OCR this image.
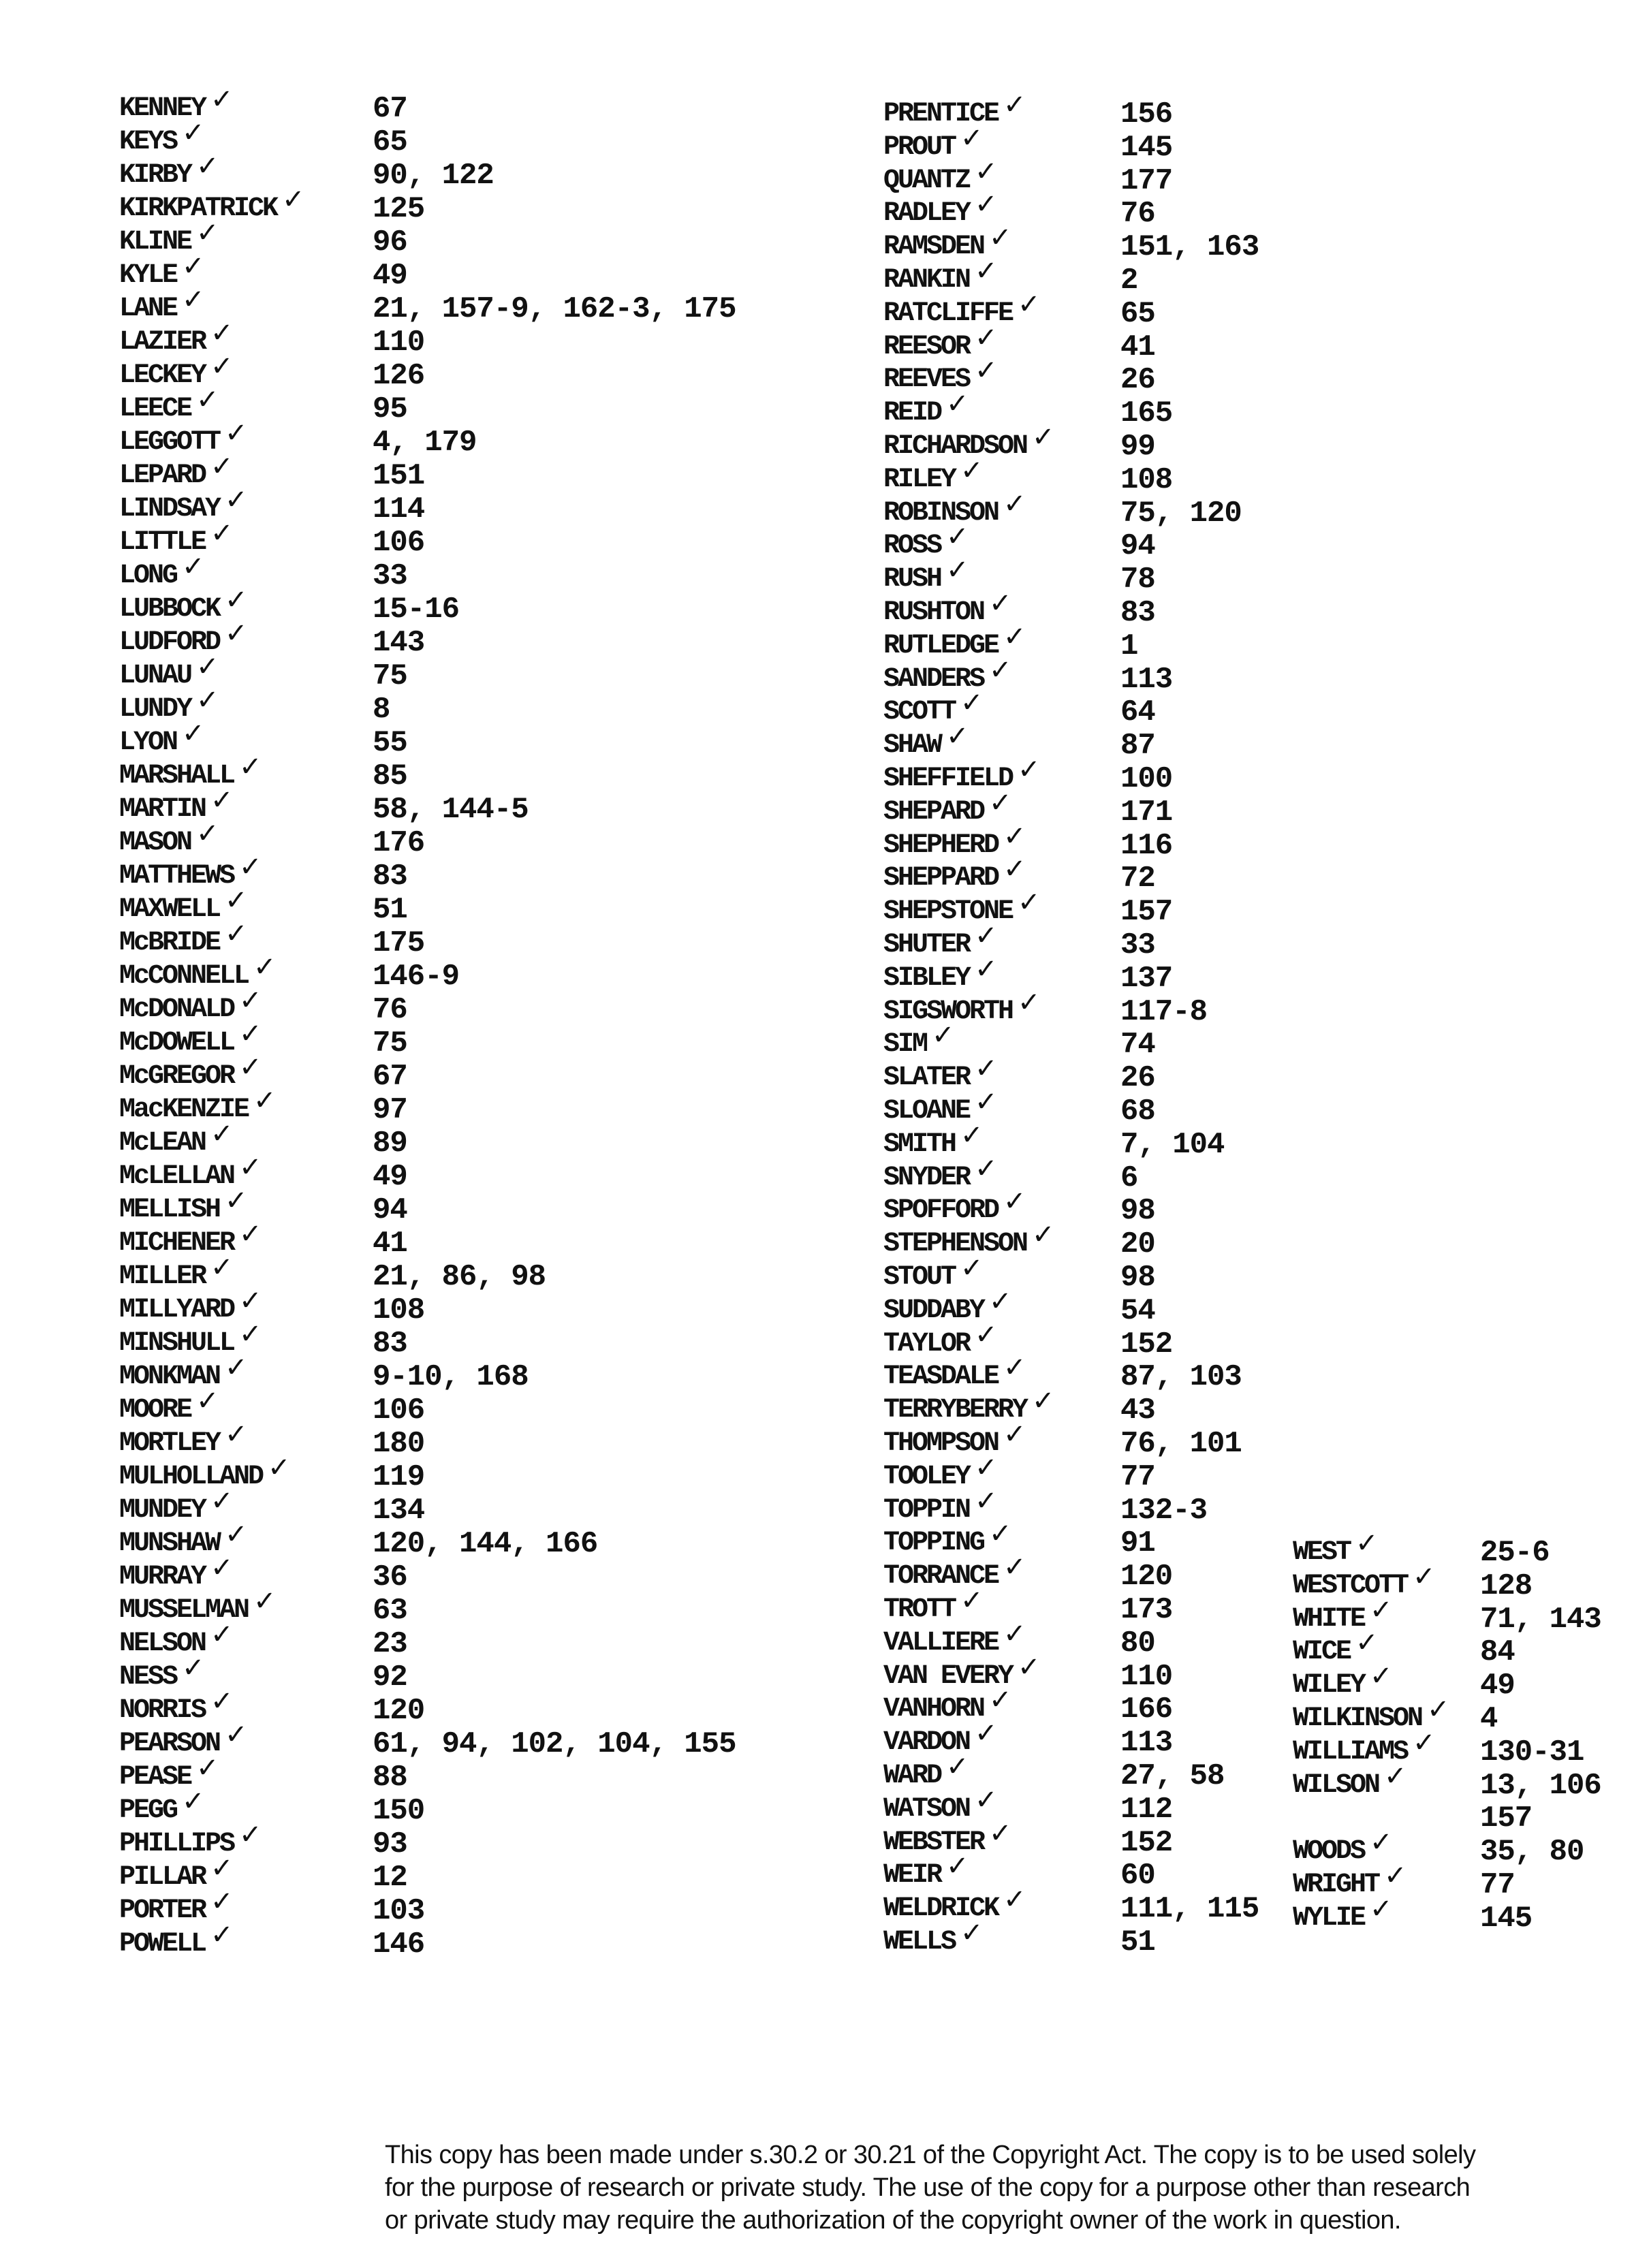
KENNEY ✓	67
KEYS ✓	65
KIRBY ✓	90, 122
KIRKPATRICK ✓ 125
KLINE ✓	96
KYLE ✓	49
LANE ✓	21, 157-9, 162-3, 175
LAZIER ✓	110
LECKEY ✓	126
LEECE ✓	95
LEGGOTT ✓	4, 179
LEPARD ✓	151
LINDSAY ✓	114
LITTLE ✓	106
LONG ✓	33
LUBBOCK ✓	15-16
LUDFORD ✓	143
LUNAU ✓	75
LUNDY ✓	8
LYON ✓	55
MARSHALL ✓	85
MARTIN ✓	58, 144-5
MASON ✓	176
MATTHEWS ✓	83
MAXWELL ✓	51
McBRIDE ✓	175
McCONNELL ✓	146-9
McDONALD ✓	76
McDOWELL ✓	75
McGREGOR ✓	67
MacKENZIE ✓	97
McLEAN ✓	89
McLELLAN ✓	49
MELLISH ✓	94
MICHENER ✓	41
MILLER ✓	21, 86, 98
MILLYARD ✓	108
MINSHULL ✓	83
MONKMAN ✓	9-10, 168
MOORE ✓	106
MORTLEY ✓	180
MULHOLLAND ✓	119
MUNDEY ✓	134
MUNSHAW ✓	120, 144, 166
MURRAY ✓	36
MUSSELMAN ✓	63
NELSON ✓	23
NESS ✓	92
NORRIS ✓	120
PEARSON ✓	61, 94, 102, 104, 155
PEASE ✓	88
PEGG ✓	150
PHILLIPS ✓	93
PILLAR ✓	12
PORTER ✓	103
POWELL ✓	146
PRENTICE ✓	156
PROUT ✓	145
QUANTZ ✓	177
RADLEY ✓	76
RAMSDEN ✓	151, 163
RANKIN ✓	2
RATCLIFFE ✓	65
REESOR ✓	41
REEVES ✓	26
REID ✓	165
RICHARDSON ✓ 99
RILEY ✓	108
ROBINSON ✓	75, 120
ROSS ✓	94
RUSH ✓	78
RUSHTON ✓	83
RUTLEDGE ✓	1
SANDERS ✓	113
SCOTT ✓	64
SHAW ✓	87
SHEFFIELD ✓	100
SHEPARD ✓	171
SHEPHERD ✓	116
SHEPPARD ✓	72
SHEPSTONE ✓	157
SHUTER ✓	33
SIBLEY ✓	137
SIGSWORTH ✓	117-8
SIM ✓	74
SLATER ✓	26
SLOANE ✓	68
SMITH ✓	7, 104
SNYDER ✓	6
SPOFFORD ✓	98
STEPHENSON ✓ 20
STOUT ✓	98
SUDDABY ✓	54
TAYLOR ✓	152
TEASDALE ✓	87, 103
TERRYBERRY ✓ 43
THOMPSON ✓	76, 101
TOOLEY ✓	77
TOPPIN ✓	132-3
TOPPING ✓	91
TORRANCE ✓	120
TROTT ✓	173
VALLIERE ✓	80
VAN EVERY ✓	110
VANHORN ✓	166
VARDON ✓	113
WARD ✓	27, 58
WATSON ✓	112
WEBSTER ✓	152
WEIR ✓	60
WELDRICK ✓	111, 115
WELLS ✓	51
WEST ✓	25-6
WESTCOTT ✓ 128
WHITE ✓	71, 143
WICE ✓	84
WILEY ✓	49
WILKINSON ✓ 4
WILLIAMS ✓ 130-31
WILSON ✓ 13, 106
157
WOODS ✓	35, 80
WRIGHT ✓ 77
WYLIE ✓	145

This copy has been made under s.30.2 or 30.21 of the Copyright Act. The copy is to be used solely
for the purpose of research or private study. The use of the copy for a purpose other than research
or private study may require the authorization of the copyright owner of the work in question.
